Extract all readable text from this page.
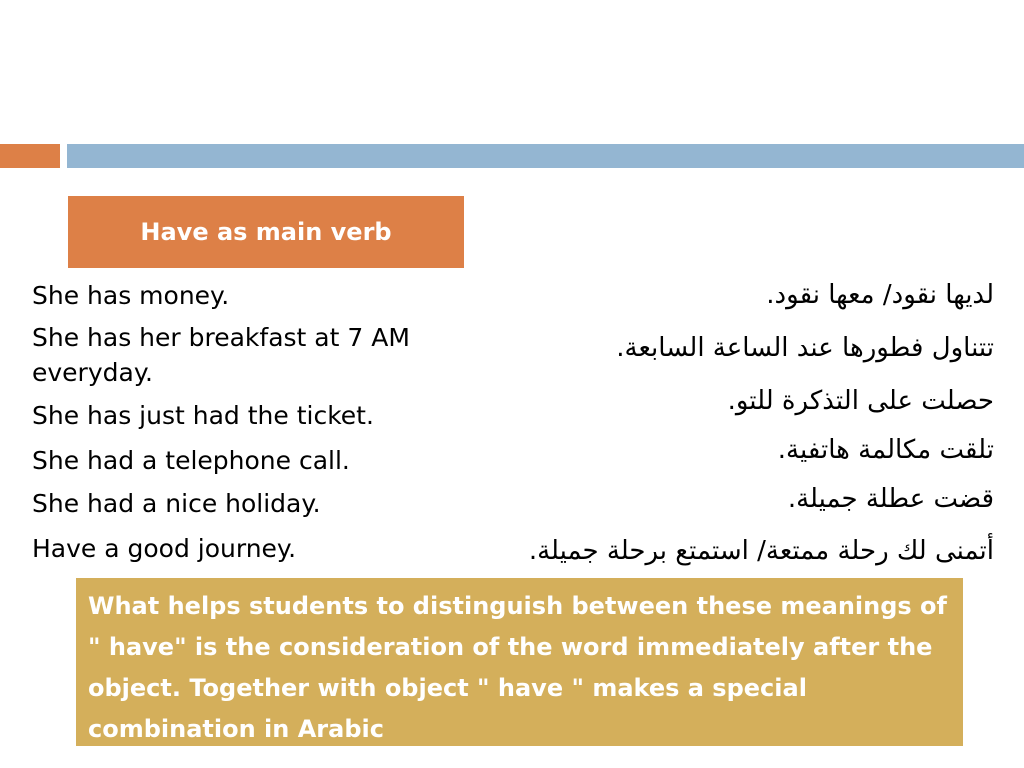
Have as main verb
She has money.
She has her breakfast at 7 AM
everyday.
She has just had the ticket.
She had a telephone call.
She had a nice holiday.
Have a good journey.
لديها نقود/ معها نقود.
تتناول فطورها عند الساعة السابعة.
حصلت على التذكرة للتو.
تلقت مكالمة هاتفية.
قضت عطلة جميلة.
أتمنى لك رحلة ممتعة/ استمتع برحلة جميلة.
What helps students to distinguish between these meanings of " have" is the consideration of the word immediately after the object. Together with object " have " makes a special combination in Arabic
